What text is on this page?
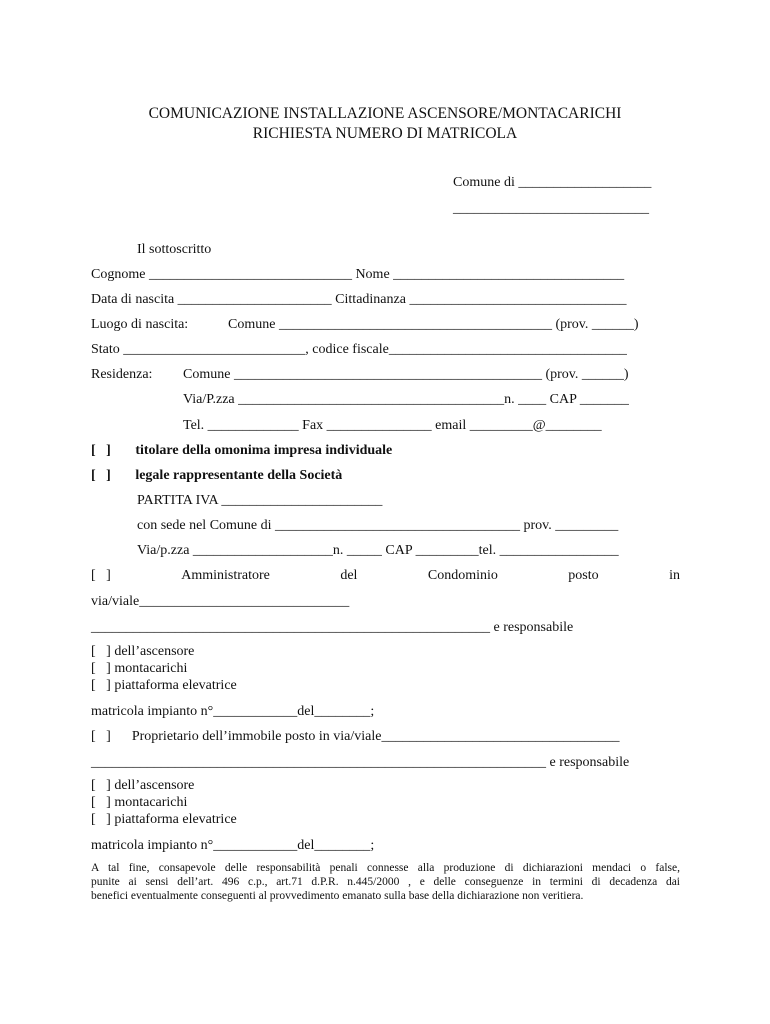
COMUNICAZIONE INSTALLAZIONE ASCENSORE/MONTACARICHI
RICHIESTA NUMERO DI MATRICOLA
Comune di ___________________
____________________________
Il sottoscritto
Cognome _____________________________ Nome _________________________________
Data di nascita ______________________ Cittadinanza _______________________________
Luogo di nascita:	Comune _______________________________________ (prov. ______)
Stato __________________________, codice fiscale__________________________________
Residenza: Comune ____________________________________________ (prov. ______)
Via/P.zza ______________________________________n. ____ CAP _______
Tel. _____________ Fax _______________ email _________@________
[   ]       titolare della omonima impresa individuale
[   ]       legale rappresentante della Società
PARTITA IVA _______________________
con sede nel Comune di ___________________________________ prov. _________
Via/p.zza ____________________n. _____ CAP _________tel. _________________
[   ]	Amministratore	del	Condominio	posto	in
via/viale______________________________
_________________________________________________________ e responsabile
[   ] dell’ascensore
[   ] montacarichi
[   ] piattaforma elevatrice
matricola impianto n°____________del________;
[   ]      Proprietario dell’immobile posto in via/viale__________________________________
_________________________________________________________________ e responsabile
[   ] dell’ascensore
[   ] montacarichi
[   ] piattaforma elevatrice
matricola impianto n°____________del________;
A tal fine, consapevole delle responsabilità penali connesse alla produzione di dichiarazioni mendaci o false,
punite ai sensi dell’art. 496 c.p., art.71 d.P.R. n.445/2000 , e delle conseguenze in termini di decadenza dai
benefici eventualmente conseguenti al provvedimento emanato sulla base della dichiarazione non veritiera.
